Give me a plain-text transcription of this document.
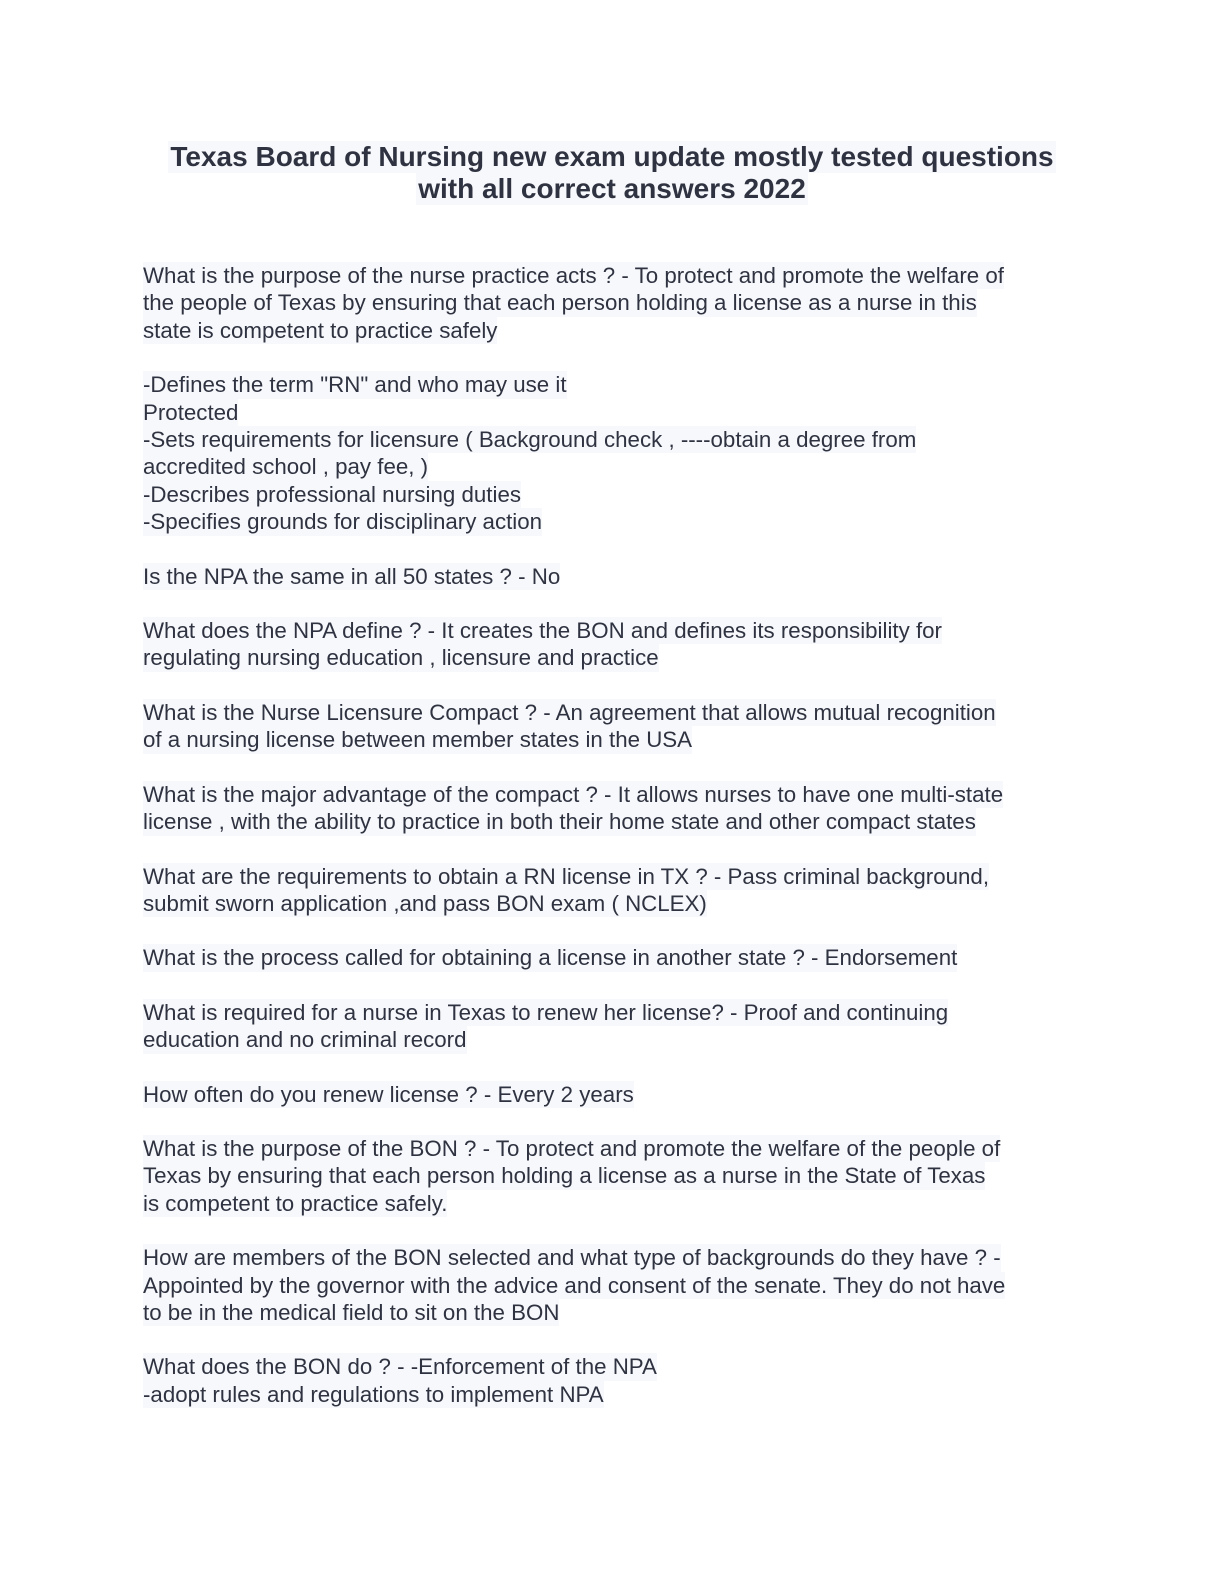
Texas Board of Nursing new exam update mostly tested questions
with all correct answers 2022
What is the purpose of the nurse practice acts ? - To protect and promote the welfare of
the people of Texas by ensuring that each person holding a license as a nurse in this
state is competent to practice safely
-Defines the term "RN" and who may use it
Protected
-Sets requirements for licensure ( Background check , ----obtain a degree from
accredited school , pay fee, )
-Describes professional nursing duties
-Specifies grounds for disciplinary action
Is the NPA the same in all 50 states ? - No
What does the NPA define ? - It creates the BON and defines its responsibility for
regulating nursing education , licensure and practice
What is the Nurse Licensure Compact ? - An agreement that allows mutual recognition
of a nursing license between member states in the USA
What is the major advantage of the compact ? - It allows nurses to have one multi-state
license , with the ability to practice in both their home state and other compact states
What are the requirements to obtain a RN license in TX ? - Pass criminal background,
submit sworn application ,and pass BON exam ( NCLEX)
What is the process called for obtaining a license in another state ? - Endorsement
What is required for a nurse in Texas to renew her license? - Proof and continuing
education and no criminal record
How often do you renew license ? - Every 2 years
What is the purpose of the BON ? - To protect and promote the welfare of the people of
Texas by ensuring that each person holding a license as a nurse in the State of Texas
is competent to practice safely.
How are members of the BON selected and what type of backgrounds do they have ? -
Appointed by the governor with the advice and consent of the senate. They do not have
to be in the medical field to sit on the BON
What does the BON do ? - -Enforcement of the NPA
-adopt rules and regulations to implement NPA
